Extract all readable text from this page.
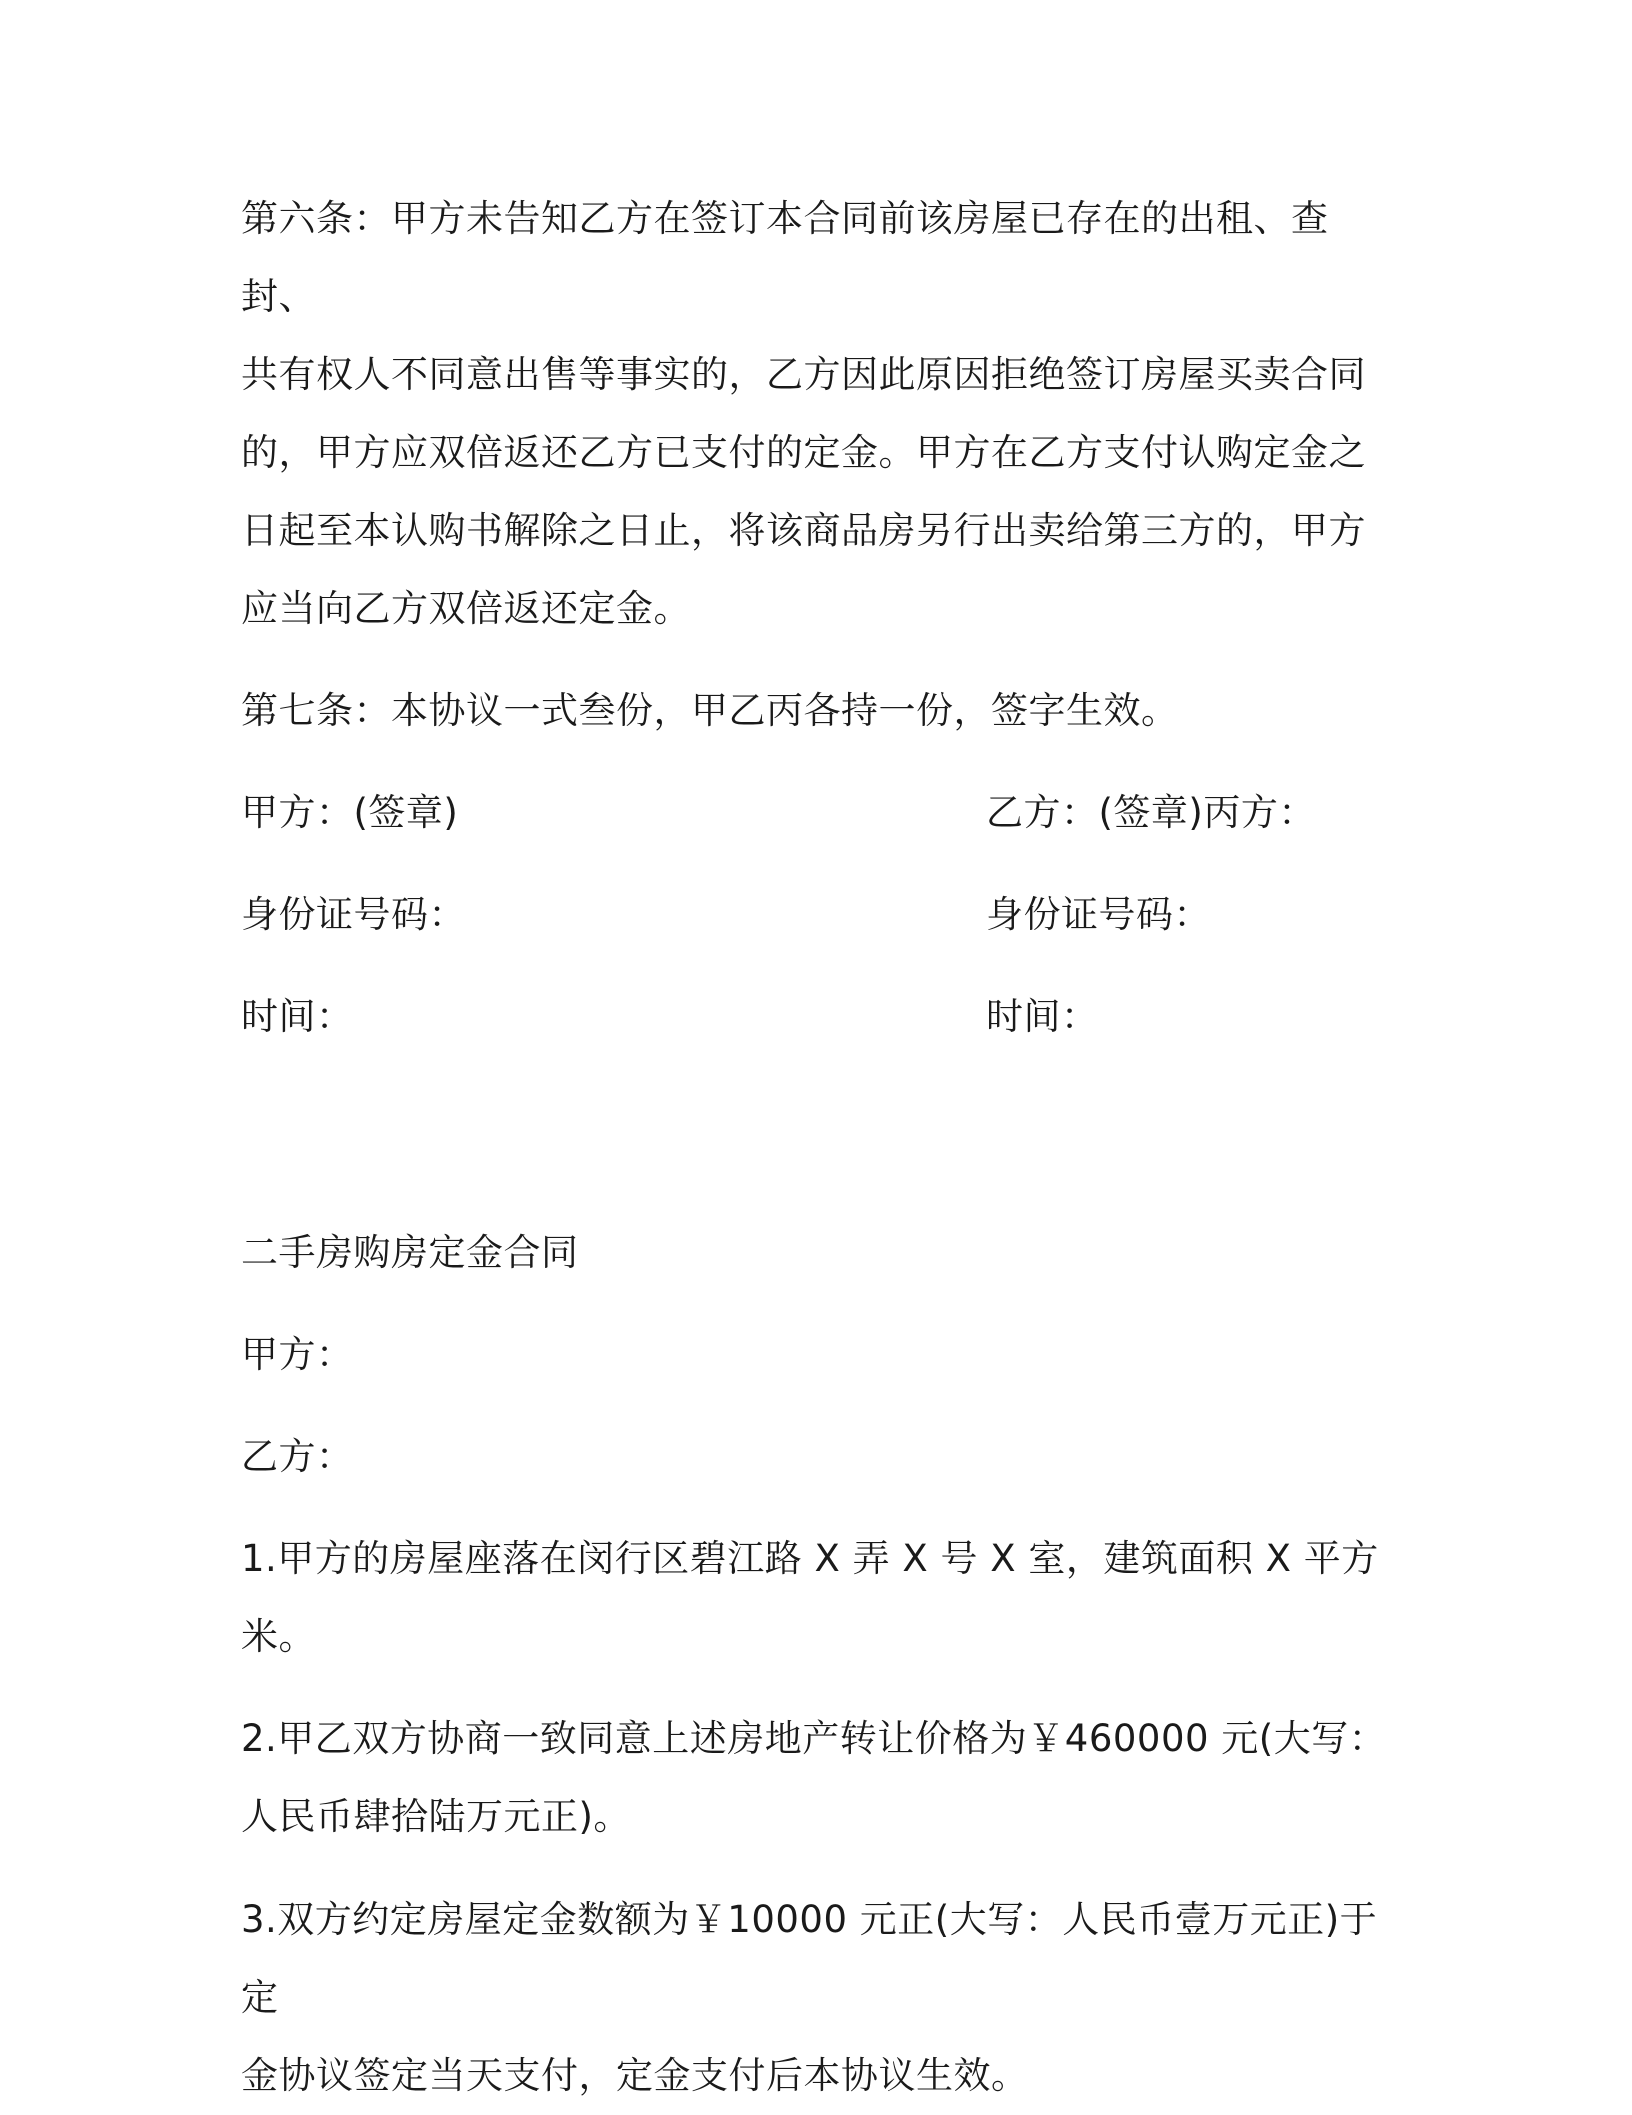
第六条：甲方未告知乙方在签订本合同前该房屋已存在的出租、查封、

共有权人不同意出售等事实的，乙方因此原因拒绝签订房屋买卖合同

的，甲方应双倍返还乙方已支付的定金。甲方在乙方支付认购定金之

日起至本认购书解除之日止，将该商品房另行出卖给第三方的，甲方

应当向乙方双倍返还定金。

第七条：本协议一式叁份，甲乙丙各持一份，签字生效。

甲方：(签章)	乙方：(签章)丙方：
身份证号码：	身份证号码：
时间：	时间：

二手房购房定金合同

甲方：

乙方：

1.甲方的房屋座落在闵行区碧江路 X 弄 X 号 X 室，建筑面积 X 平方米。

2.甲乙双方协商一致同意上述房地产转让价格为￥460000 元(大写：

人民币肆拾陆万元正)。

3.双方约定房屋定金数额为￥10000 元正(大写：人民币壹万元正)于定

金协议签定当天支付，定金支付后本协议生效。
